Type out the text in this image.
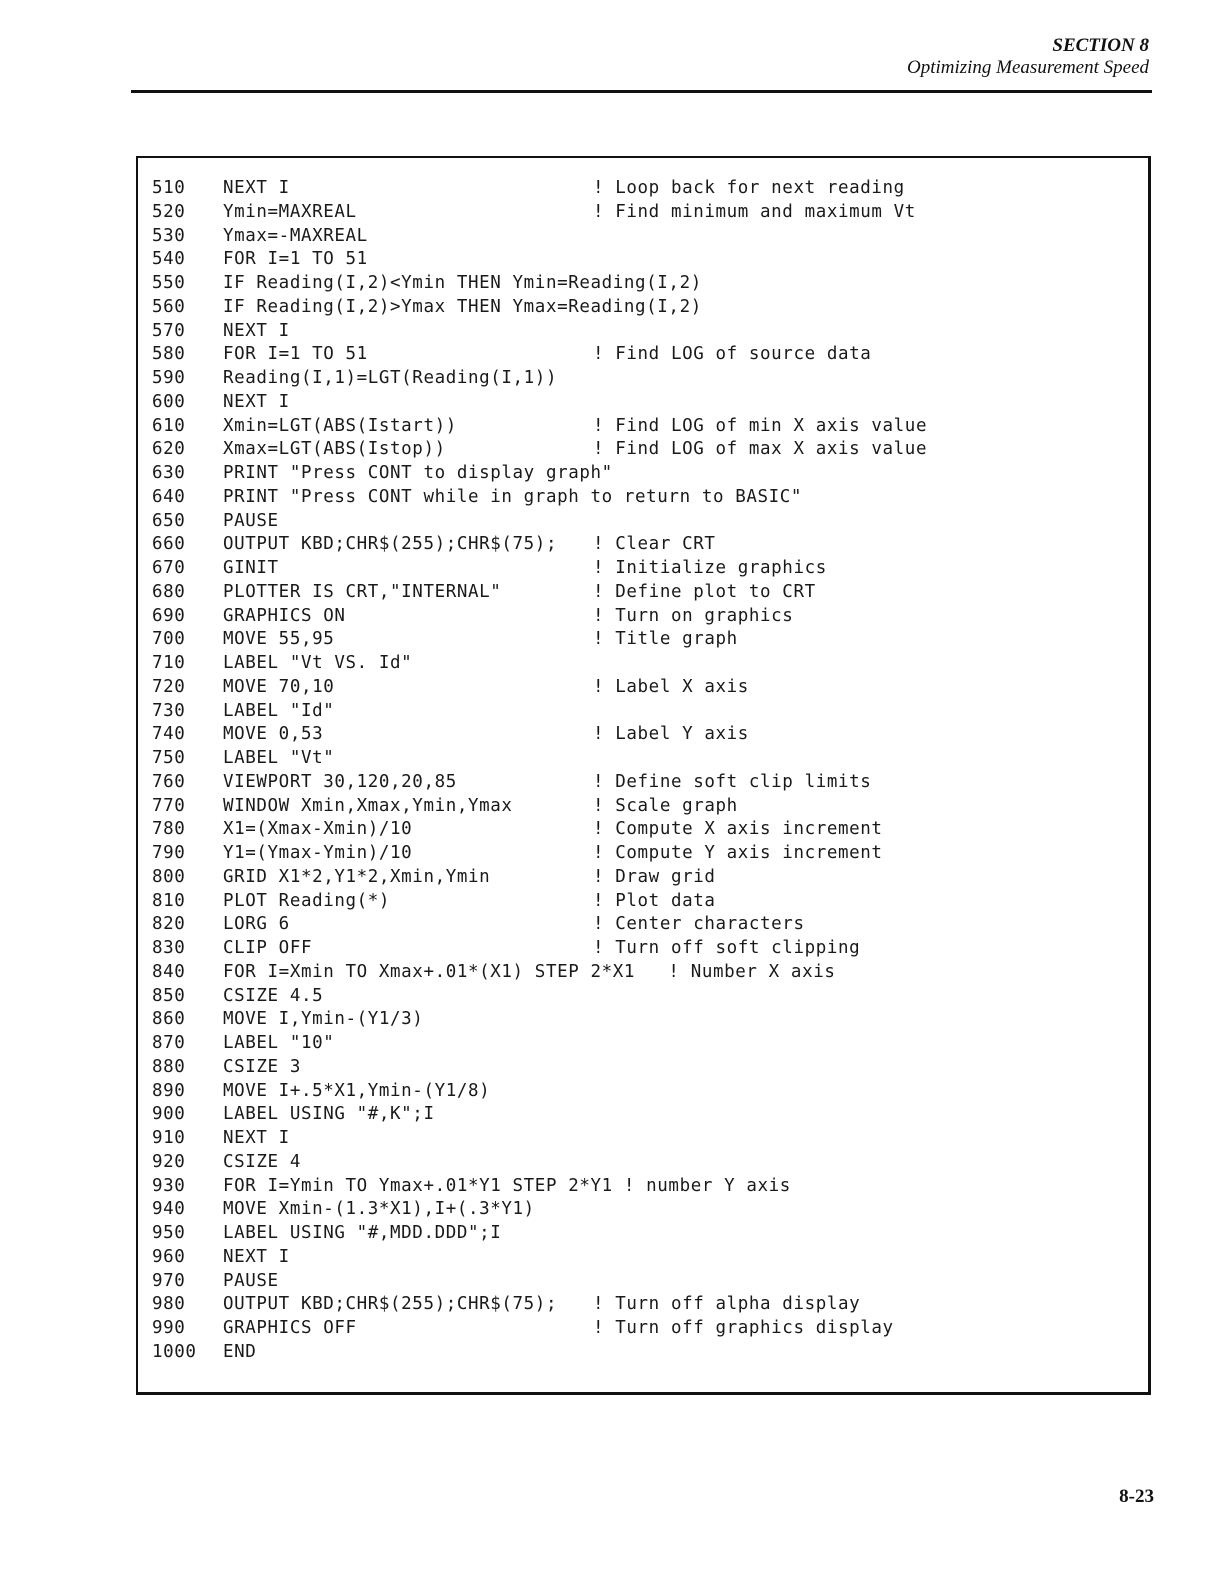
SECTION 8
Optimizing Measurement Speed
510 NEXT I	! Loop back for next reading
520 Ymin=MAXREAL	! Find minimum and maximum Vt
530 Ymax=-MAXREAL
540 FOR I=1 TO 51
550 IF Reading(I,2)<Ymin THEN Ymin=Reading(I,2)
560 IF Reading(I,2)>Ymax THEN Ymax=Reading(I,2)
570 NEXT I
580 FOR I=1 TO 51	! Find LOG of source data
590 Reading(I,1)=LGT(Reading(I,1))
600 NEXT I
610 Xmin=LGT(ABS(Istart))	! Find LOG of min X axis value
620 Xmax=LGT(ABS(Istop))	! Find LOG of max X axis value
630 PRINT "Press CONT to display graph"
640 PRINT "Press CONT while in graph to return to BASIC"
650 PAUSE
660 OUTPUT KBD;CHR$(255);CHR$(75); ! Clear CRT
670 GINIT	! Initialize graphics
680 PLOTTER IS CRT,"INTERNAL"	! Define plot to CRT
690 GRAPHICS ON	! Turn on graphics
700 MOVE 55,95	! Title graph
710 LABEL "Vt VS. Id"
720 MOVE 70,10	! Label X axis
730 LABEL "Id"
740 MOVE 0,53	! Label Y axis
750 LABEL "Vt"
760 VIEWPORT 30,120,20,85	! Define soft clip limits
770 WINDOW Xmin,Xmax,Ymin,Ymax	! Scale graph
780 X1=(Xmax-Xmin)/10	! Compute X axis increment
790 Y1=(Ymax-Ymin)/10	! Compute Y axis increment
800 GRID X1*2,Y1*2,Xmin,Ymin	! Draw grid
810 PLOT Reading(*)	! Plot data
820 LORG 6	! Center characters
830 CLIP OFF	! Turn off soft clipping
840 FOR I=Xmin TO Xmax+.01*(X1) STEP 2*X1   ! Number X axis
850 CSIZE 4.5
860 MOVE I,Ymin-(Y1/3)
870 LABEL "10"
880 CSIZE 3
890 MOVE I+.5*X1,Ymin-(Y1/8)
900 LABEL USING "#,K";I
910 NEXT I
920 CSIZE 4
930 FOR I=Ymin TO Ymax+.01*Y1 STEP 2*Y1 ! number Y axis
940 MOVE Xmin-(1.3*X1),I+(.3*Y1)
950 LABEL USING "#,MDD.DDD";I
960 NEXT I
970 PAUSE
980 OUTPUT KBD;CHR$(255);CHR$(75); ! Turn off alpha display
990 GRAPHICS OFF	! Turn off graphics display
1000 END
8-23
